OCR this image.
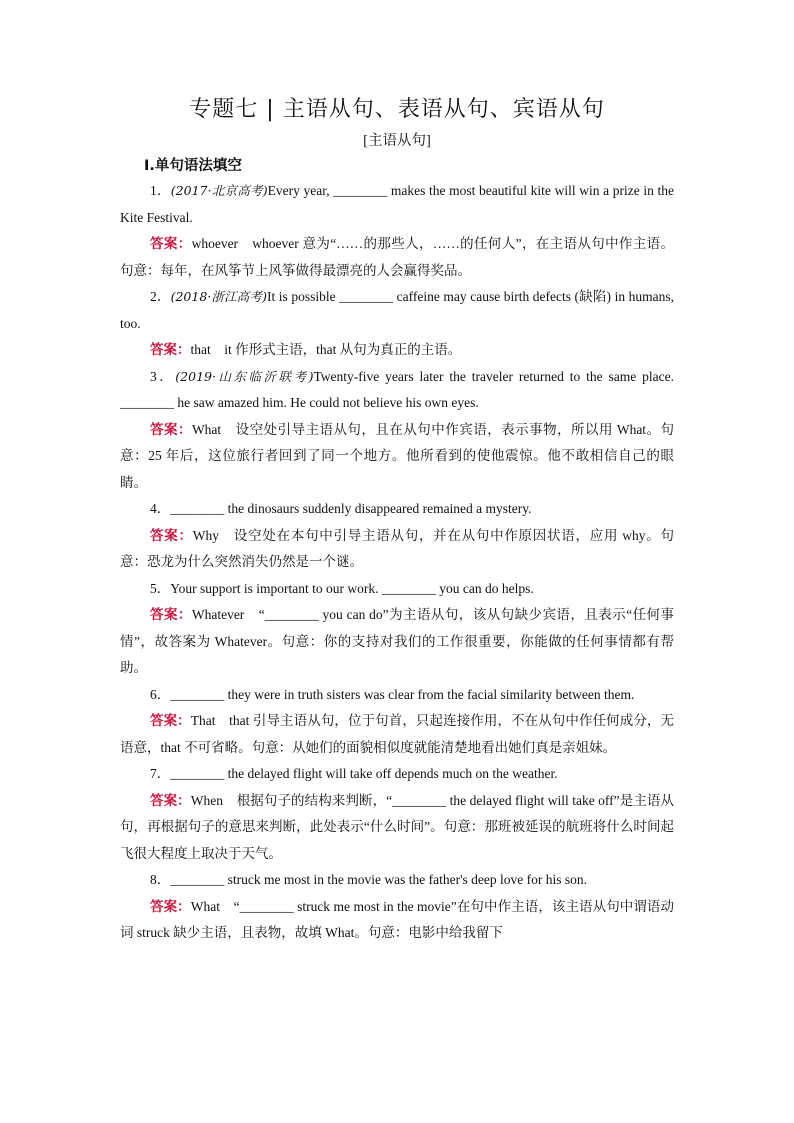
专题七 | 主语从句、表语从句、宾语从句
[主语从句]
Ⅰ.单句语法填空

1．(2017·北京高考)Every year, ________ makes the most beautiful kite will win a prize in the Kite Festival.

答案：whoever　whoever 意为“……的那些人，……的任何人”，在主语从句中作主语。句意：每年，在风筝节上风筝做得最漂亮的人会赢得奖品。

2．(2018·浙江高考)It is possible ________ caffeine may cause birth defects (缺陷) in humans, too.

答案：that　it 作形式主语，that 从句为真正的主语。

3．(2019·山东临沂联考)Twenty-five years later the traveler returned to the same place. ________ he saw amazed him. He could not believe his own eyes.

答案：What　设空处引导主语从句，且在从句中作宾语，表示事物，所以用 What。句意：25 年后，这位旅行者回到了同一个地方。他所看到的使他震惊。他不敢相信自己的眼睛。

4．________ the dinosaurs suddenly disappeared remained a mystery.

答案：Why　设空处在本句中引导主语从句，并在从句中作原因状语，应用 why。句意：恐龙为什么突然消失仍然是一个谜。

5．Your support is important to our work. ________ you can do helps.

答案：Whatever　“________ you can do”为主语从句，该从句缺少宾语，且表示“任何事情”，故答案为 Whatever。句意：你的支持对我们的工作很重要，你能做的任何事情都有帮助。

6．________ they were in truth sisters was clear from the facial similarity between them.

答案：That　that 引导主语从句，位于句首，只起连接作用，不在从句中作任何成分，无语意，that 不可省略。句意：从她们的面貌相似度就能清楚地看出她们真是亲姐妹。

7．________ the delayed flight will take off depends much on the weather.

答案：When　根据句子的结构来判断，“________ the delayed flight will take off”是主语从句，再根据句子的意思来判断，此处表示“什么时间”。句意：那班被延误的航班将什么时间起飞很大程度上取决于天气。

8．________ struck me most in the movie was the father's deep love for his son.

答案：What　“________ struck me most in the movie”在句中作主语，该主语从句中谓语动词 struck 缺少主语，且表物，故填 What。句意：电影中给我留下
